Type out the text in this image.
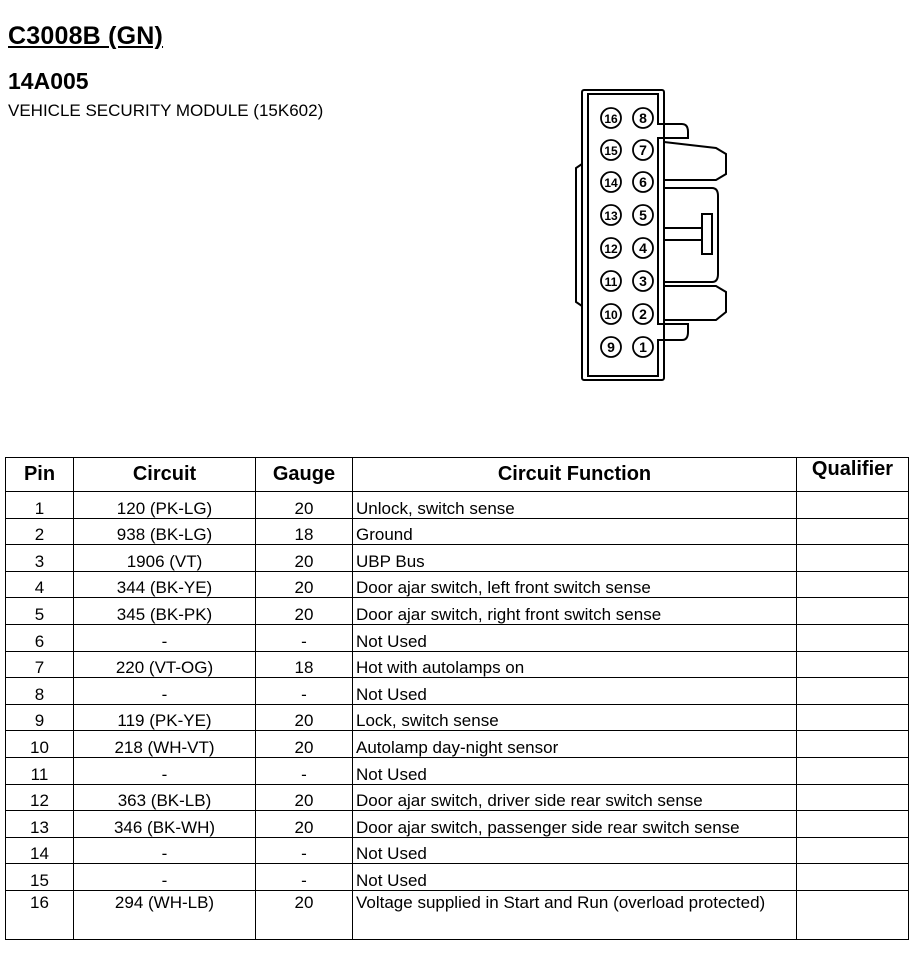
C3008B (GN)
14A005
VEHICLE SECURITY MODULE (15K602)	16
15
14
13
12
11
10
9
8
7
6
5
4
3
2
1
Pin	Circuit	Gauge	Circuit Function	Qualifier
1	120 (PK-LG)	20	Unlock, switch sense	
2	938 (BK-LG)	18	Ground	
3	1906 (VT)	20	UBP Bus	
4	344 (BK-YE)	20	Door ajar switch, left front switch sense	
5	345 (BK-PK)	20	Door ajar switch, right front switch sense	
6	-	-	Not Used	
7	220 (VT-OG)	18	Hot with autolamps on	
8	-	-	Not Used	
9	119 (PK-YE)	20	Lock, switch sense	
10	218 (WH-VT)	20	Autolamp day-night sensor	
11	-	-	Not Used	
12	363 (BK-LB)	20	Door ajar switch, driver side rear switch sense	
13	346 (BK-WH)	20	Door ajar switch, passenger side rear switch sense	
14	-	-	Not Used	
15	-	-	Not Used	
16	294 (WH-LB)	20	Voltage supplied in Start and Run (overload protected)	
